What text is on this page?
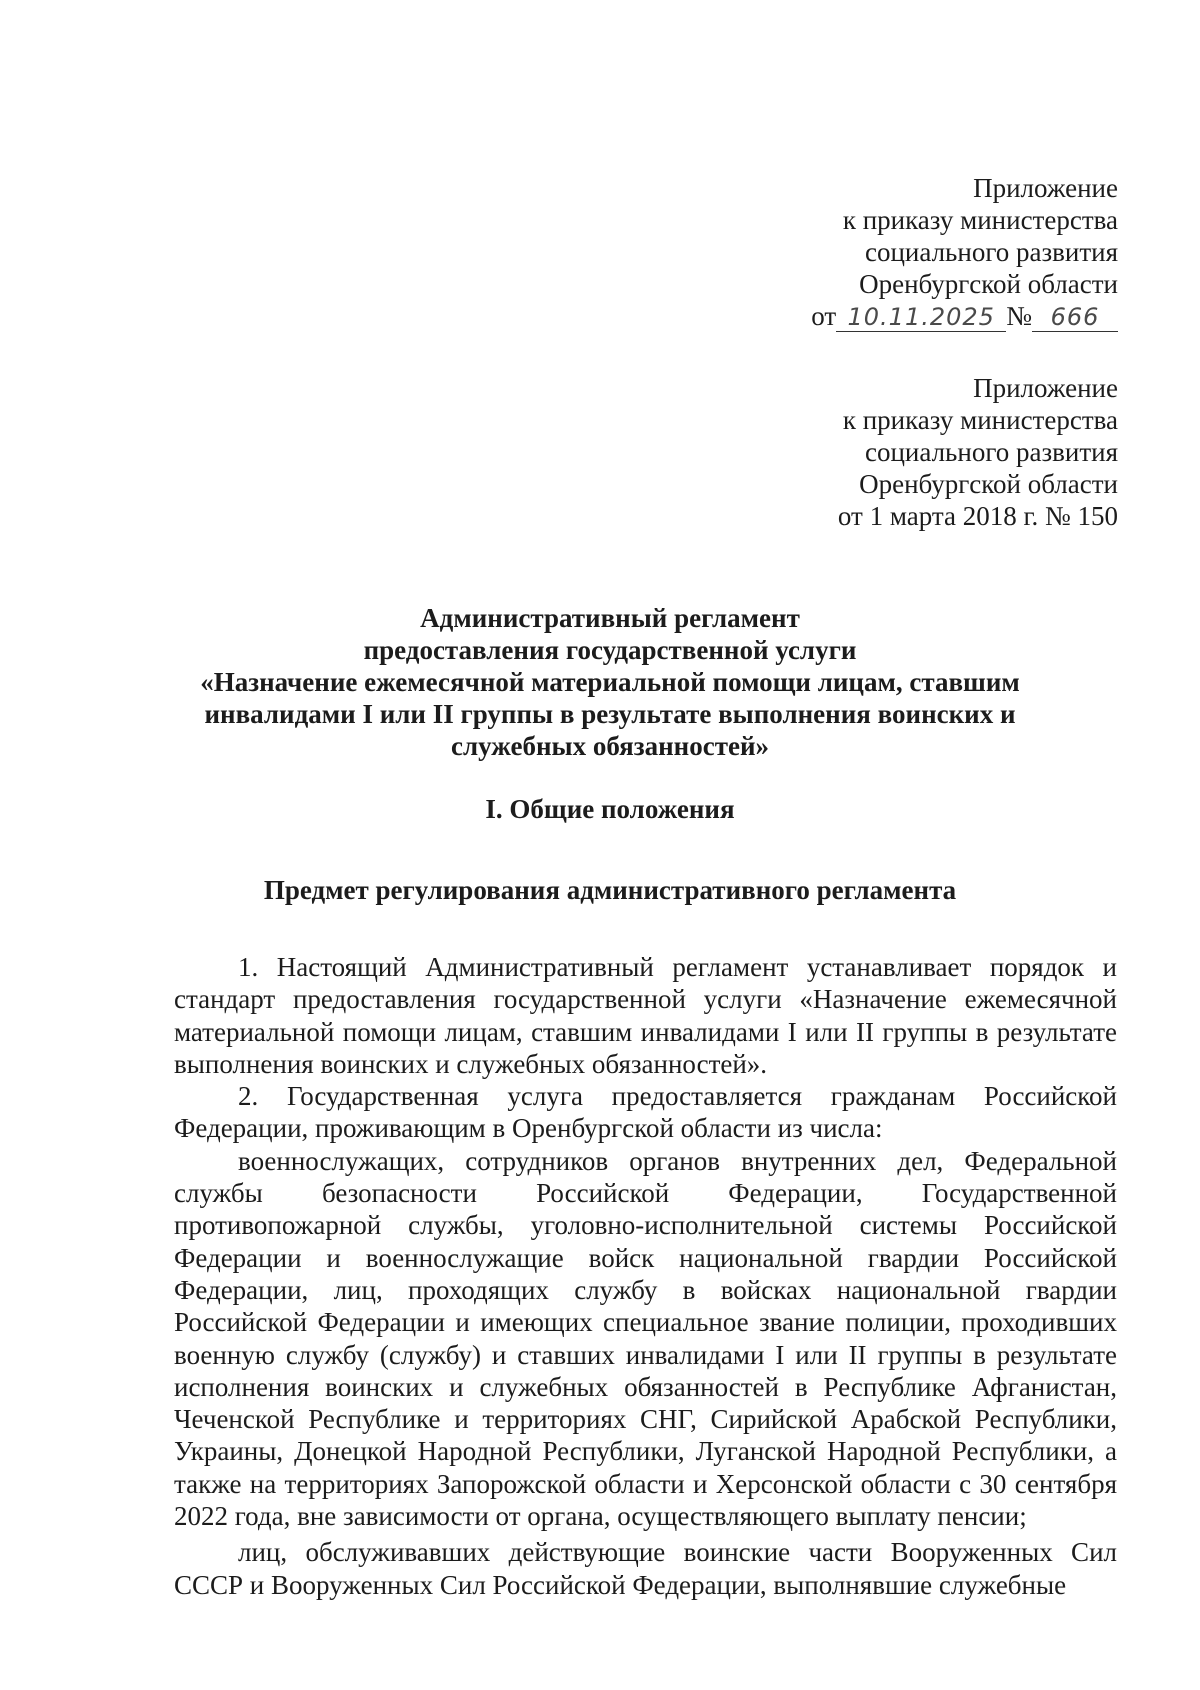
Приложение
к приказу министерства
социального развития
Оренбургской области
от 10.11.2025 № 666
Приложение
к приказу министерства
социального развития
Оренбургской области
от 1 марта 2018 г. № 150
Административный регламент
предоставления государственной услуги
«Назначение ежемесячной материальной помощи лицам, ставшим
инвалидами I или II группы в результате выполнения воинских и
служебных обязанностей»
I. Общие положения
Предмет регулирования административного регламента

1. Настоящий Административный регламент устанавливает порядок и стандарт предоставления государственной услуги «Назначение ежемесячной материальной помощи лицам, ставшим инвалидами I или II группы в результате выполнения воинских и служебных обязанностей».

2. Государственная услуга предоставляется гражданам Российской Федерации, проживающим в Оренбургской области из числа:

военнослужащих, сотрудников органов внутренних дел, Федеральной службы безопасности Российской Федерации, Государственной противопожарной службы, уголовно-исполнительной системы Российской Федерации и военнослужащие войск национальной гвардии Российской Федерации, лиц, проходящих службу в войсках национальной гвардии Российской Федерации и имеющих специальное звание полиции, проходивших военную службу (службу) и ставших инвалидами I или II группы в результате исполнения воинских и служебных обязанностей в Республике Афганистан, Чеченской Республике и территориях СНГ, Сирийской Арабской Республики, Украины, Донецкой Народной Республики, Луганской Народной Республики, а также на территориях Запорожской области и Херсонской области с 30 сентября 2022 года, вне зависимости от органа, осуществляющего выплату пенсии;

лиц, обслуживавших действующие воинские части Вооруженных Сил СССР и Вооруженных Сил Российской Федерации, выполнявшие служебные
